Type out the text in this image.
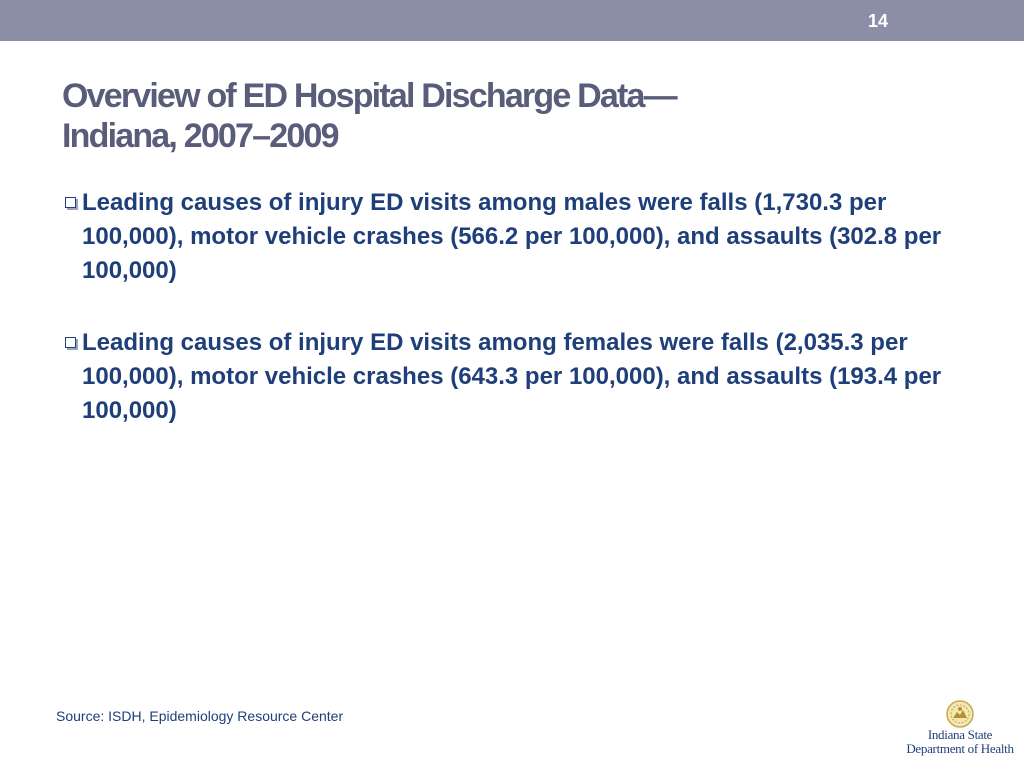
14
Overview of ED Hospital Discharge Data—
Indiana, 2007–2009
Leading causes of injury ED visits among males were falls (1,730.3 per 100,000), motor vehicle crashes (566.2 per 100,000), and assaults (302.8 per 100,000)
Leading causes of injury ED visits among females were falls (2,035.3 per 100,000), motor vehicle crashes (643.3 per 100,000), and assaults (193.4 per 100,000)
Source: ISDH, Epidemiology Resource Center
Indiana State
Department of Health
